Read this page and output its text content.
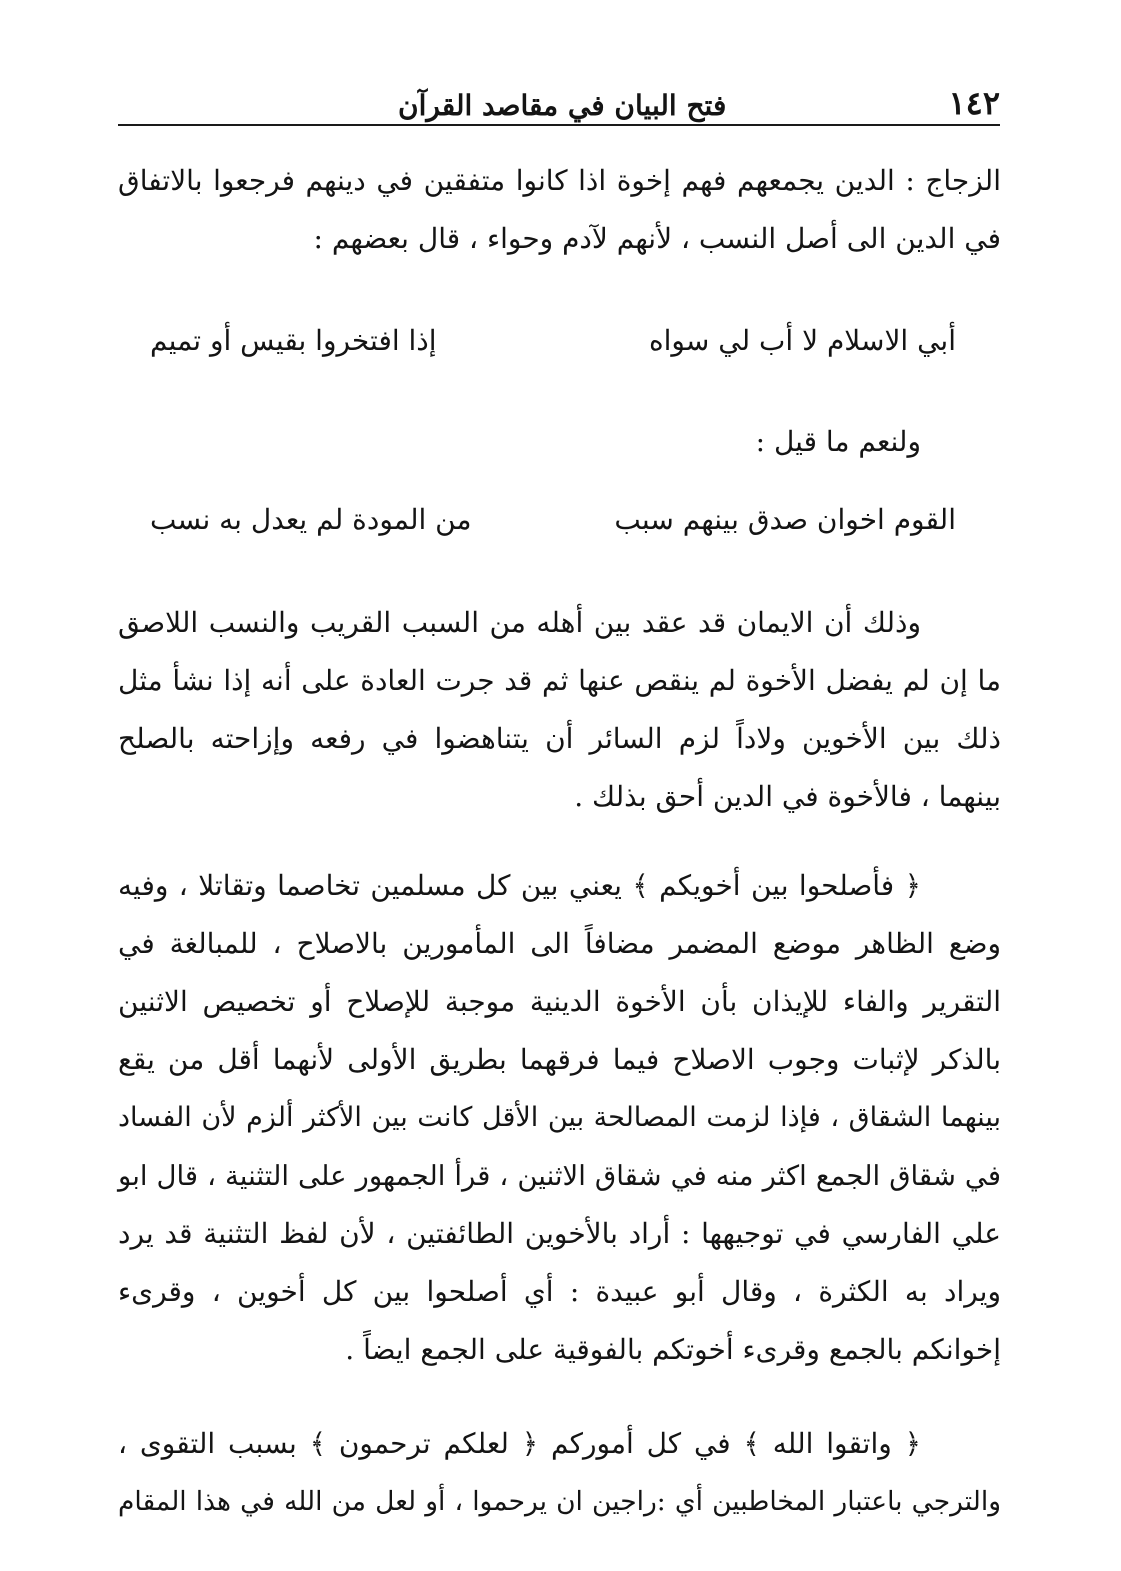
١٤٢
فتح البيان في مقاصد القرآن
الزجاج : الدين يجمعهم فهم إخوة اذا كانوا متفقين في دينهم فرجعوا بالاتفاق
في الدين الى أصل النسب ، لأنهم لآدم وحواء ، قال بعضهم :
أبي الاسلام لا أب لي سواه
إذا افتخروا بقيس أو تميم
ولنعم ما قيل :
القوم اخوان صدق بينهم سبب
من المودة لم يعدل به نسب
وذلك أن الايمان قد عقد بين أهله من السبب القريب والنسب اللاصق
ما إن لم يفضل الأخوة لم ينقص عنها ثم قد جرت العادة على أنه إذا نشأ مثل
ذلك بين الأخوين ولاداً لزم السائر أن يتناهضوا في رفعه وإزاحته بالصلح
بينهما ، فالأخوة في الدين أحق بذلك .
﴿ فأصلحوا بين أخويكم ﴾ يعني بين كل مسلمين تخاصما وتقاتلا ، وفيه
وضع الظاهر موضع المضمر مضافاً الى المأمورين بالاصلاح ، للمبالغة في
التقرير والفاء للإيذان بأن الأخوة الدينية موجبة للإصلاح أو تخصيص الاثنين
بالذكر لإثبات وجوب الاصلاح فيما فرقهما بطريق الأولى لأنهما أقل من يقع
بينهما الشقاق ، فإذا لزمت المصالحة بين الأقل كانت بين الأكثر ألزم لأن الفساد
في شقاق الجمع اكثر منه في شقاق الاثنين ، قرأ الجمهور على التثنية ، قال ابو
علي الفارسي في توجيهها : أراد بالأخوين الطائفتين ، لأن لفظ التثنية قد يرد
ويراد به الكثرة ، وقال أبو عبيدة : أي أصلحوا بين كل أخوين ، وقرىء
إخوانكم بالجمع وقرىء أخوتكم بالفوقية على الجمع ايضاً .
﴿ واتقوا الله ﴾ في كل أموركم ﴿ لعلكم ترحمون ﴾ بسبب التقوى ،
والترجي باعتبار المخاطبين أي :راجين ان يرحموا ، أو لعل من الله في هذا المقام
